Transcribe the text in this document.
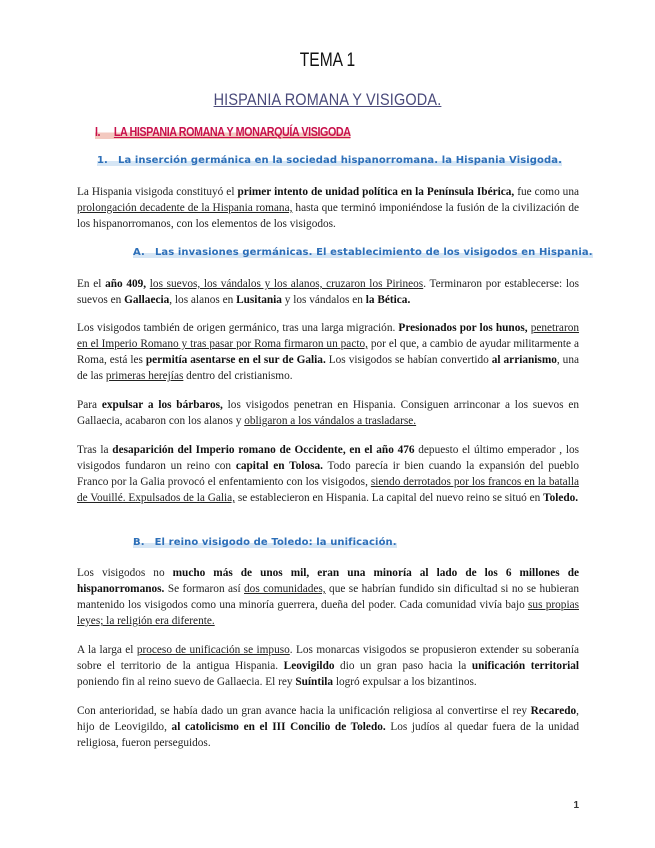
TEMA 1
HISPANIA ROMANA Y VISIGODA.
I. LA HISPANIA ROMANA Y MONARQUÍA VISIGODA
1. La inserción germánica en la sociedad hispanorromana. la Hispania Visigoda.

La Hispania visigoda constituyó el primer intento de unidad política en la Península Ibérica, fue como una prolongación decadente de la Hispania romana, hasta que terminó imponiéndose la fusión de la civilización de los hispanorromanos, con los elementos de los visigodos.

A. Las invasiones germánicas. El establecimiento de los visigodos en Hispania.

En el año 409, los suevos, los vándalos y los alanos, cruzaron los Pirineos. Terminaron por establecerse: los suevos en Gallaecia, los alanos en Lusitania y los vándalos en la Bética.

Los visigodos también de origen germánico, tras una larga migración. Presionados por los hunos, penetraron en el Imperio Romano y tras pasar por Roma firmaron un pacto, por el que, a cambio de ayudar militarmente a Roma, está les permitía asentarse en el sur de Galia. Los visigodos se habían convertido al arrianismo, una de las primeras herejías dentro del cristianismo.

Para expulsar a los bárbaros, los visigodos penetran en Hispania. Consiguen arrinconar a los suevos en Gallaecia, acabaron con los alanos y obligaron a los vándalos a trasladarse.

Tras la desaparición del Imperio romano de Occidente, en el año 476 depuesto el último emperador , los visigodos fundaron un reino con capital en Tolosa. Todo parecía ir bien cuando la expansión del pueblo Franco por la Galia provocó el enfentamiento con los visigodos, siendo derrotados por los francos en la batalla de Vouillé. Expulsados de la Galia, se establecieron en Hispania. La capital del nuevo reino se situó en Toledo.

B. El reino visigodo de Toledo: la unificación.

Los visigodos no mucho más de unos mil, eran una minoría al lado de los 6 millones de hispanorromanos. Se formaron así dos comunidades, que se habrían fundido sin dificultad si no se hubieran mantenido los visigodos como una minoría guerrera, dueña del poder. Cada comunidad vivía bajo sus propias leyes; la religión era diferente.

A la larga el proceso de unificación se impuso. Los monarcas visigodos se propusieron extender su soberanía sobre el territorio de la antigua Hispania. Leovigildo dio un gran paso hacia la unificación territorial poniendo fin al reino suevo de Gallaecia. El rey Suíntila logró expulsar a los bizantinos.

Con anterioridad, se había dado un gran avance hacia la unificación religiosa al convertirse el rey Recaredo, hijo de Leovigildo, al catolicismo en el III Concilio de Toledo. Los judíos al quedar fuera de la unidad religiosa, fueron perseguidos.

1
